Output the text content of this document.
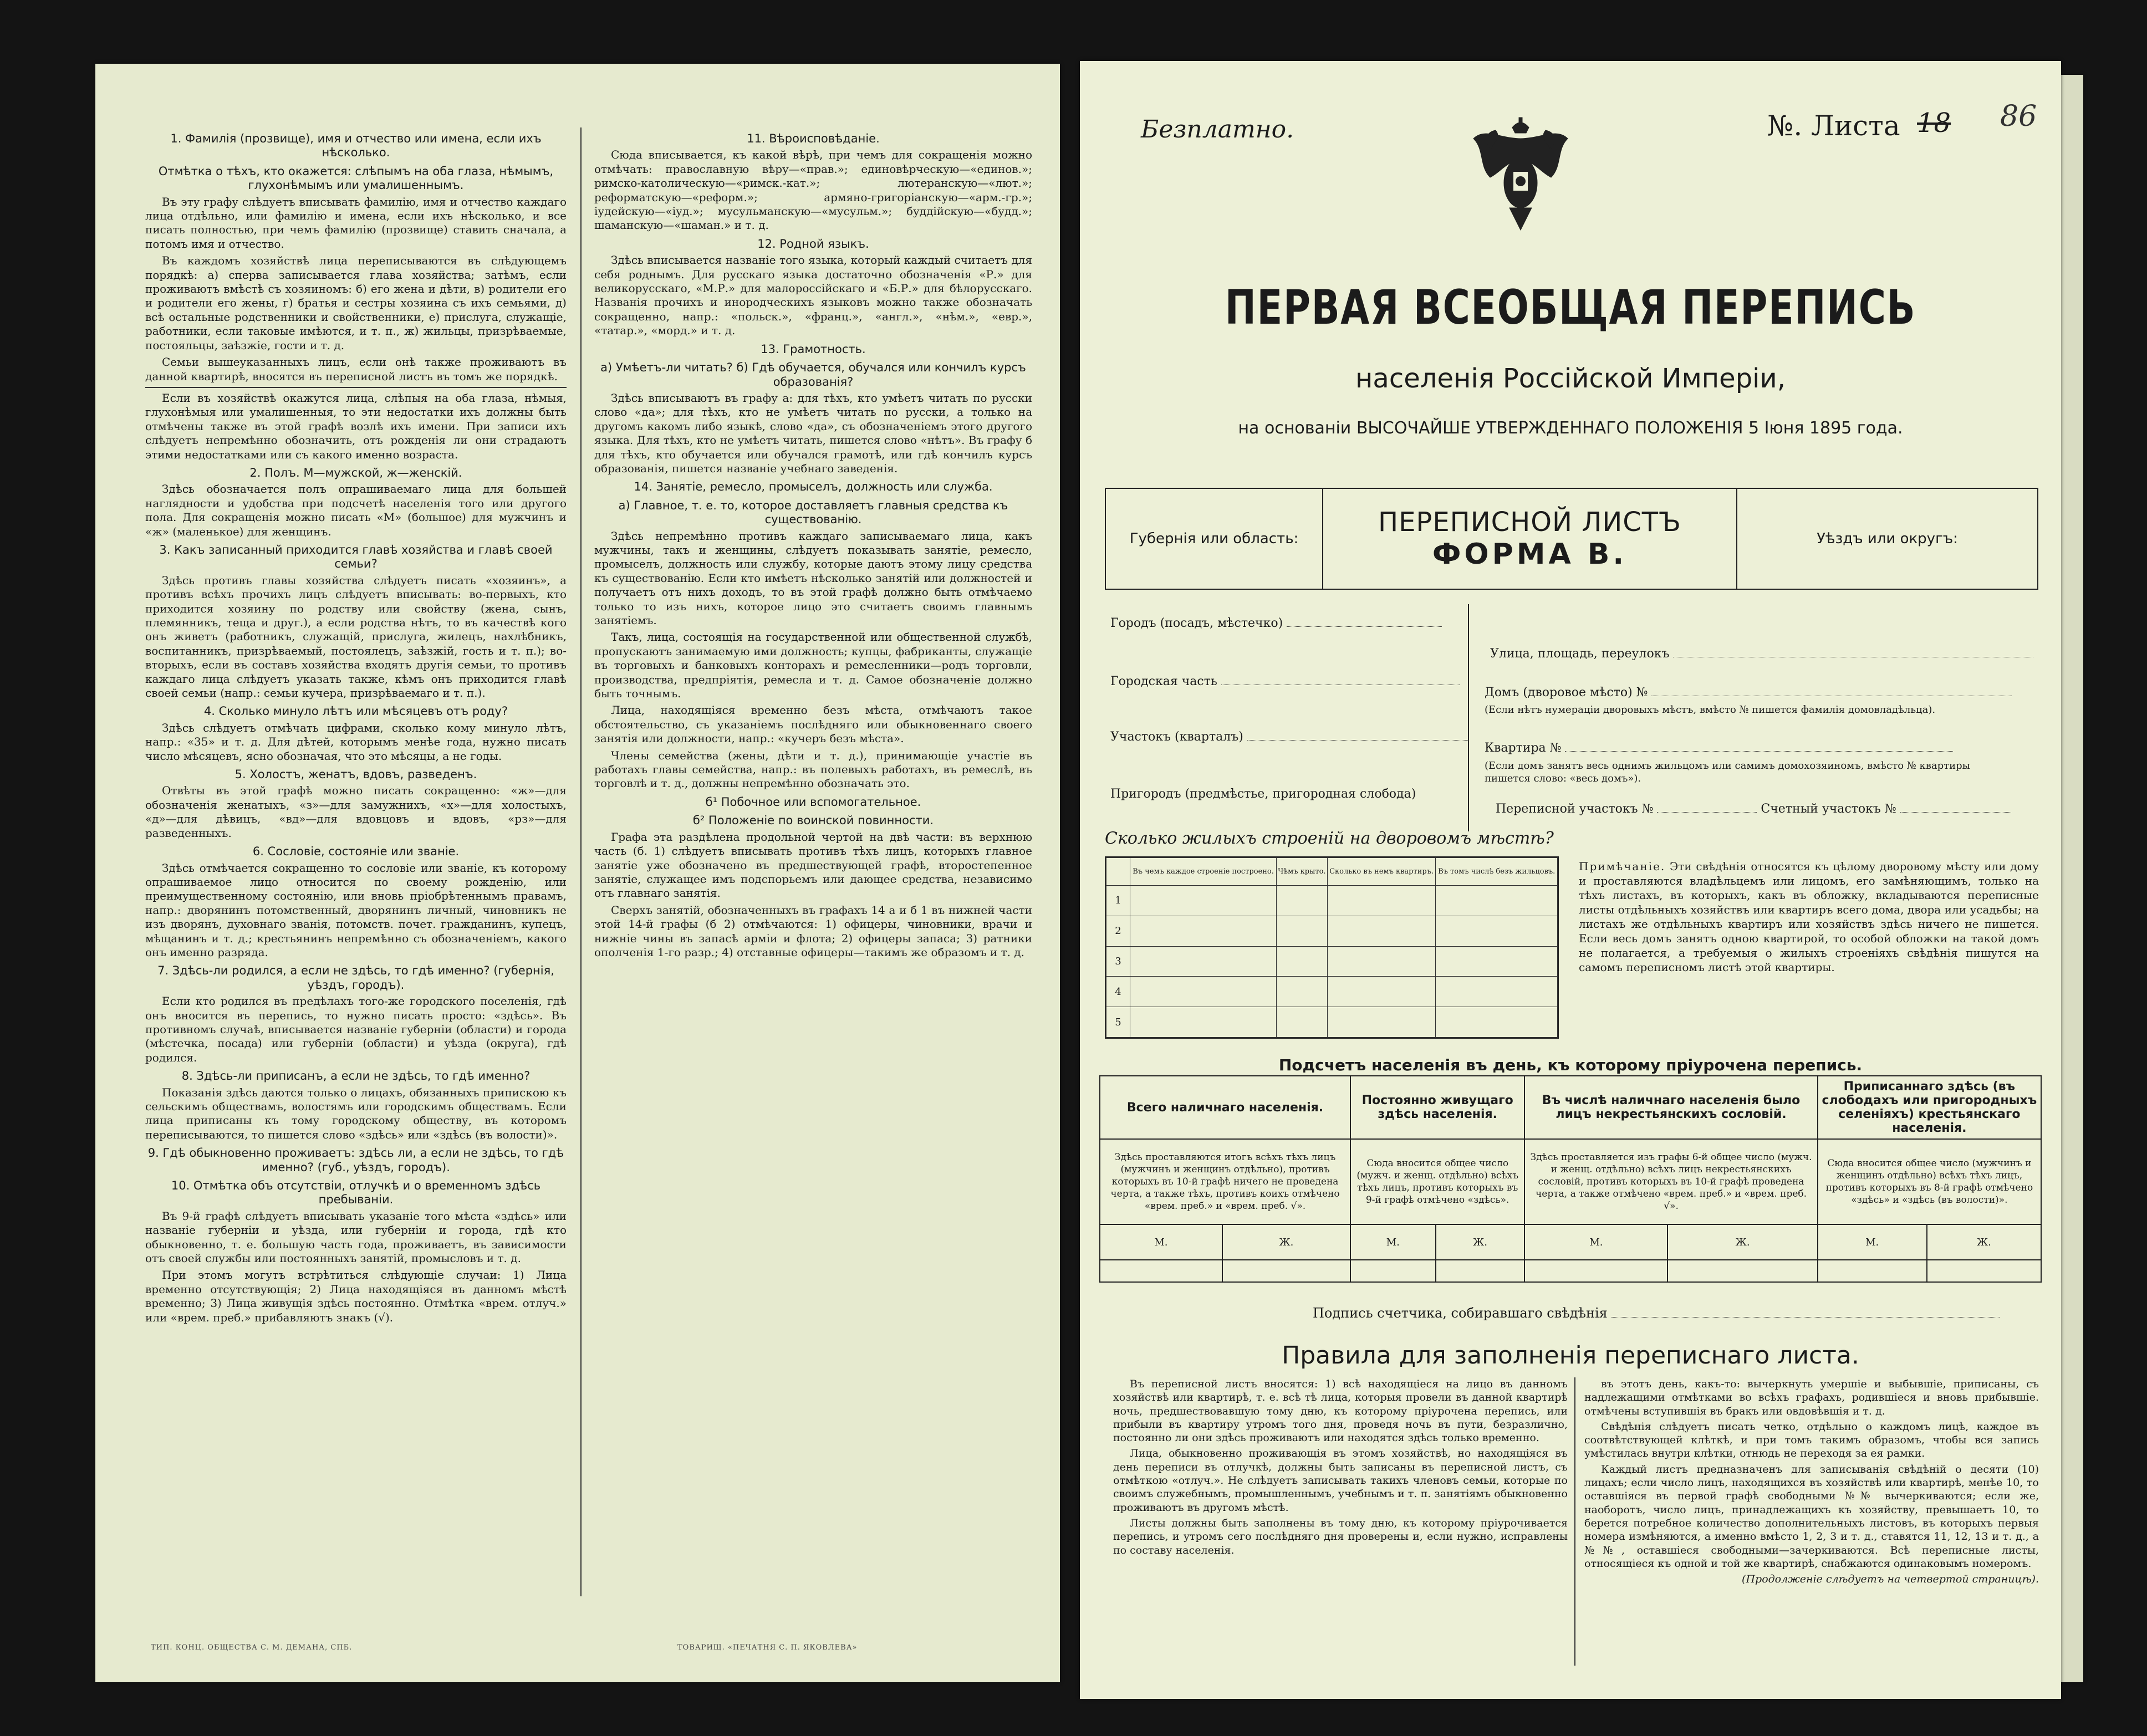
1. Фамилія (прозвище), имя и отчество или имена, если ихъ нѣсколько.
Отмѣтка о тѣхъ, кто окажется: слѣпымъ на оба глаза, нѣмымъ, глухонѣмымъ или умалишеннымъ.

Въ эту графу слѣдуетъ вписывать фамилію, имя и отчество каждаго лица отдѣльно, или фамилію и имена, если ихъ нѣсколько, и все писать полностью, при чемъ фамилію (прозвище) ставить сначала, а потомъ имя и отчество.

Въ каждомъ хозяйствѣ лица переписываются въ слѣдующемъ порядкѣ: а) сперва записывается глава хозяйства; затѣмъ, если проживаютъ вмѣстѣ съ хозяиномъ: б) его жена и дѣти, в) родители его и родители его жены, г) братья и сестры хозяина съ ихъ семьями, д) всѣ остальные родственники и свойственники, е) прислуга, служащіе, работники, если таковые имѣются, и т. п., ж) жильцы, призрѣваемые, постояльцы, заѣзжіе, гости и т. д.

Семьи вышеуказанныхъ лицъ, если онѣ также проживаютъ въ данной квартирѣ, вносятся въ переписной листъ въ томъ же порядкѣ.

Если въ хозяйствѣ окажутся лица, слѣпыя на оба глаза, нѣмыя, глухонѣмыя или умалишенныя, то эти недостатки ихъ должны быть отмѣчены также въ этой графѣ возлѣ ихъ имени. При записи ихъ слѣдуетъ непремѣнно обозначить, отъ рожденія ли они страдаютъ этими недостатками или съ какого именно возраста.

2. Полъ. М—мужской, ж—женскій.

Здѣсь обозначается полъ опрашиваемаго лица для большей наглядности и удобства при подсчетѣ населенія того или другого пола. Для сокращенія можно писать «М» (большое) для мужчинъ и «ж» (маленькое) для женщинъ.

3. Какъ записанный приходится главѣ хозяйства и главѣ своей семьи?

Здѣсь противъ главы хозяйства слѣдуетъ писать «хозяинъ», а противъ всѣхъ прочихъ лицъ слѣдуетъ вписывать: во-первыхъ, кто приходится хозяину по родству или свойству (жена, сынъ, племянникъ, теща и друг.), а если родства нѣтъ, то въ качествѣ кого онъ живетъ (работникъ, служащій, прислуга, жилецъ, нахлѣбникъ, воспитанникъ, призрѣваемый, постоялецъ, заѣзжій, гость и т. п.); во-вторыхъ, если въ составъ хозяйства входятъ другія семьи, то противъ каждаго лица слѣдуетъ указать также, кѣмъ онъ приходится главѣ своей семьи (напр.: семьи кучера, призрѣваемаго и т. п.).

4. Сколько минуло лѣтъ или мѣсяцевъ отъ роду?

Здѣсь слѣдуетъ отмѣчать цифрами, сколько кому минуло лѣтъ, напр.: «35» и т. д. Для дѣтей, которымъ менѣе года, нужно писать число мѣсяцевъ, ясно обозначая, что это мѣсяцы, а не годы.

5. Холостъ, женатъ, вдовъ, разведенъ.

Отвѣты въ этой графѣ можно писать сокращенно: «ж»—для обозначенія женатыхъ, «з»—для замужнихъ, «х»—для холостыхъ, «д»—для дѣвицъ, «вд»—для вдовцовъ и вдовъ, «рз»—для разведенныхъ.

6. Сословіе, состояніе или званіе.

Здѣсь отмѣчается сокращенно то сословіе или званіе, къ которому опрашиваемое лицо относится по своему рожденію, или преимущественному состоянію, или вновь пріобрѣтеннымъ правамъ, напр.: дворянинъ потомственный, дворянинъ личный, чиновникъ не изъ дворянъ, духовнаго званія, потомств. почет. гражданинъ, купецъ, мѣщанинъ и т. д.; крестьянинъ непремѣнно съ обозначеніемъ, какого онъ именно разряда.

7. Здѣсь-ли родился, а если не здѣсь, то гдѣ именно? (губернія, уѣздъ, городъ).

Если кто родился въ предѣлахъ того-же городского поселенія, гдѣ онъ вносится въ перепись, то нужно писать просто: «здѣсь». Въ противномъ случаѣ, вписывается названіе губерніи (области) и города (мѣстечка, посада) или губерніи (области) и уѣзда (округа), гдѣ родился.

8. Здѣсь-ли приписанъ, а если не здѣсь, то гдѣ именно?

Показанія здѣсь даются только о лицахъ, обязанныхъ припискою къ сельскимъ обществамъ, волостямъ или городскимъ обществамъ. Если лица приписаны къ тому городскому обществу, въ которомъ переписываются, то пишется слово «здѣсь» или «здѣсь (въ волости)».

9. Гдѣ обыкновенно проживаетъ: здѣсь ли, а если не здѣсь, то гдѣ именно? (губ., уѣздъ, городъ).
10. Отмѣтка объ отсутствіи, отлучкѣ и о временномъ здѣсь пребываніи.

Въ 9-й графѣ слѣдуетъ вписывать указаніе того мѣста «здѣсь» или названіе губерніи и уѣзда, или губерніи и города, гдѣ кто обыкновенно, т. е. большую часть года, проживаетъ, въ зависимости отъ своей службы или постоянныхъ занятій, промысловъ и т. д.

При этомъ могутъ встрѣтиться слѣдующіе случаи: 1) Лица временно отсутствующія; 2) Лица находящіяся въ данномъ мѣстѣ временно; 3) Лица живущія здѣсь постоянно. Отмѣтка «врем. отлуч.» или «врем. преб.» прибавляютъ знакъ (√).

11. Вѣроисповѣданіе.

Сюда вписывается, къ какой вѣрѣ, при чемъ для сокращенія можно отмѣчать: православную вѣру—«прав.»; единовѣрческую—«единов.»; римско-католическую—«римск.-кат.»; лютеранскую—«лют.»; реформатскую—«реформ.»; армяно-григоріанскую—«арм.-гр.»; іудейскую—«іуд.»; мусульманскую—«мусульм.»; буддійскую—«будд.»; шаманскую—«шаман.» и т. д.

12. Родной языкъ.

Здѣсь вписывается названіе того языка, который каждый считаетъ для себя роднымъ. Для русскаго языка достаточно обозначенія «Р.» для великорусскаго, «М.Р.» для малороссійскаго и «Б.Р.» для бѣлорусскаго. Названія прочихъ и инородческихъ языковъ можно также обозначать сокращенно, напр.: «польск.», «франц.», «англ.», «нѣм.», «евр.», «татар.», «морд.» и т. д.

13. Грамотность.
а) Умѣетъ-ли читать? б) Гдѣ обучается, обучался или кончилъ курсъ образованія?

Здѣсь вписываютъ въ графу а: для тѣхъ, кто умѣетъ читать по русски слово «да»; для тѣхъ, кто не умѣетъ читать по русски, а только на другомъ какомъ либо языкѣ, слово «да», съ обозначеніемъ этого другого языка. Для тѣхъ, кто не умѣетъ читать, пишется слово «нѣтъ». Въ графу б для тѣхъ, кто обучается или обучался грамотѣ, или гдѣ кончилъ курсъ образованія, пишется названіе учебнаго заведенія.

14. Занятіе, ремесло, промыселъ, должность или служба.
а) Главное, т. е. то, которое доставляетъ главныя средства къ существованію.

Здѣсь непремѣнно противъ каждаго записываемаго лица, какъ мужчины, такъ и женщины, слѣдуетъ показывать занятіе, ремесло, промыселъ, должность или службу, которые даютъ этому лицу средства къ существованію. Если кто имѣетъ нѣсколько занятій или должностей и получаетъ отъ нихъ доходъ, то въ этой графѣ должно быть отмѣчаемо только то изъ нихъ, которое лицо это считаетъ своимъ главнымъ занятіемъ.

Такъ, лица, состоящія на государственной или общественной службѣ, пропускаютъ занимаемую ими должность; купцы, фабриканты, служащіе въ торговыхъ и банковыхъ конторахъ и ремесленники—родъ торговли, производства, предпріятія, ремесла и т. д. Самое обозначеніе должно быть точнымъ.

Лица, находящіяся временно безъ мѣста, отмѣчаютъ такое обстоятельство, съ указаніемъ послѣдняго или обыкновеннаго своего занятія или должности, напр.: «кучеръ безъ мѣста».

Члены семейства (жены, дѣти и т. д.), принимающіе участіе въ работахъ главы семейства, напр.: въ полевыхъ работахъ, въ ремеслѣ, въ торговлѣ и т. д., должны непремѣнно обозначать это.

б¹ Побочное или вспомогательное.
б² Положеніе по воинской повинности.

Графа эта раздѣлена продольной чертой на двѣ части: въ верхнюю часть (б. 1) слѣдуетъ вписывать противъ тѣхъ лицъ, которыхъ главное занятіе уже обозначено въ предшествующей графѣ, второстепенное занятіе, служащее имъ подспорьемъ или дающее средства, независимо отъ главнаго занятія.

Сверхъ занятій, обозначенныхъ въ графахъ 14 а и б 1 въ нижней части этой 14-й графы (б 2) отмѣчаются: 1) офицеры, чиновники, врачи и нижніе чины въ запасѣ арміи и флота; 2) офицеры запаса; 3) ратники ополченія 1-го разр.; 4) отставные офицеры—такимъ же образомъ и т. д.

ТИП. КОНЦ. ОБЩЕСТВА С. М. ДЕМАНА, СПБ.	ТОВАРИЩ. «ПЕЧАТНЯ С. П. ЯКОВЛЕВА»
Безплатно.	№. Листа 18 86
ПЕРВАЯ ВСЕОБЩАЯ ПЕРЕПИСЬ
населенія Россійской Имперіи,
на основаніи ВЫСОЧАЙШЕ УТВЕРЖДЕННАГО ПОЛОЖЕНІЯ 5 Іюня 1895 года.
Губернія или область:
ПЕРЕПИСНОЙ ЛИСТЪ
ФОРМА В.	Уѣздъ или округъ:
Городъ (посадъ, мѣстечко)
Городская часть
Участокъ (кварталъ)
Пригородъ (предмѣстье, пригородная слобода)
Улица, площадь, переулокъ
Домъ (дворовое мѣсто) №
(Если нѣтъ нумерацiи дворовыхъ мѣстъ, вмѣсто № пишется фамилія домовладѣльца).
Квартира №
(Если домъ занятъ весь однимъ жильцомъ или самимъ домохозяиномъ, вмѣсто № квартиры пишется слово: «весь домъ»).
Переписной участокъ №	Счетный участокъ №
Сколько жилыхъ строеній на дворовомъ мѣстѣ?
	Въ чемъ каждое строеніе построено.	Чѣмъ крыто.	Сколько въ немъ квартиръ.	Въ томъ числѣ безъ жильцовъ.
1				
2				
3				
4				
5				
Примѣчаніе. Эти свѣдѣнія относятся къ цѣлому дворовому мѣсту или дому и проставляются владѣльцемъ или лицомъ, его замѣняющимъ, только на тѣхъ листахъ, въ которыхъ, какъ въ обложку, вкладываются переписные листы отдѣльныхъ хозяйствъ или квартиръ всего дома, двора или усадьбы; на листахъ же отдѣльныхъ квартиръ или хозяйствъ здѣсь ничего не пишется. Если весь домъ занятъ одною квартирой, то особой обложки на такой домъ не полагается, а требуемыя о жилыхъ строеніяхъ свѣдѣнія пишутся на самомъ переписномъ листѣ этой квартиры.
Подсчетъ населенія въ день, къ которому пріурочена перепись.
Всего наличнаго населенія.		Постоянно живущаго здѣсь населенія.		Въ числѣ наличнаго населенія было лицъ некрестьянскихъ сословій.		Приписаннаго здѣсь (въ слободахъ или пригородныхъ селеніяхъ) крестьянскаго населенія.	
Здѣсь проставляются итогъ всѣхъ тѣхъ лицъ (мужчинъ и женщинъ отдѣльно), противъ которыхъ въ 10-й графѣ ничего не проведена черта, а также тѣхъ, противъ коихъ отмѣчено «врем. преб.» и «врем. преб. √».		Сюда вносится общее число (мужч. и женщ. отдѣльно) всѣхъ тѣхъ лицъ, противъ которыхъ въ 9-й графѣ отмѣчено «здѣсь».		Здѣсь проставляется изъ графы 6-й общее число (мужч. и женщ. отдѣльно) всѣхъ лицъ некрестьянскихъ сословій, противъ которыхъ въ 10-й графѣ проведена черта, а также отмѣчено «врем. преб.» и «врем. преб. √».		Сюда вносится общее число (мужчинъ и женщинъ отдѣльно) всѣхъ тѣхъ лицъ, противъ которыхъ въ 8-й графѣ отмѣчено «здѣсь» и «здѣсь (въ волости)».	
М.	Ж.	М.	Ж.	М.	Ж.	М.	Ж.

Подпись счетчика, собиравшаго свѣдѣнія
Правила для заполненія переписнаго листа.

Въ переписной листъ вносятся: 1) всѣ находящіеся на лицо въ данномъ хозяйствѣ или квартирѣ, т. е. всѣ тѣ лица, которыя провели въ данной квартирѣ ночь, предшествовавшую тому дню, къ которому пріурочена перепись, или прибыли въ квартиру утромъ того дня, проведя ночь въ пути, безразлично, постоянно ли они здѣсь проживаютъ или находятся здѣсь только временно.

Лица, обыкновенно проживающія въ этомъ хозяйствѣ, но находящіяся въ день переписи въ отлучкѣ, должны быть записаны въ переписной листъ, съ отмѣткою «отлуч.». Не слѣдуетъ записывать такихъ членовъ семьи, которые по своимъ служебнымъ, промышленнымъ, учебнымъ и т. п. занятіямъ обыкновенно проживаютъ въ другомъ мѣстѣ.

Листы должны быть заполнены въ тому дню, къ которому пріурочивается перепись, и утромъ сего послѣдняго дня проверены и, если нужно, исправлены по составу населенія.

въ этотъ день, какъ-то: вычеркнуть умершіе и выбывшіе, приписаны, съ надлежащими отмѣтками во всѣхъ графахъ, родившіеся и вновь прибывшіе. отмѣчены вступившія въ бракъ или овдовѣвшія и т. д.

Свѣдѣнія слѣдуетъ писать четко, отдѣльно о каждомъ лицѣ, каждое въ соотвѣтствующей клѣткѣ, и при томъ такимъ образомъ, чтобы вся запись умѣстилась внутри клѣтки, отнюдь не переходя за ея рамки.

Каждый листъ предназначенъ для записыванія свѣдѣній о десяти (10) лицахъ; если число лицъ, находящихся въ хозяйствѣ или квартирѣ, менѣе 10, то оставшіяся въ первой графѣ свободными №№ вычеркиваются; если же, наоборотъ, число лицъ, принадлежащихъ къ хозяйству, превышаетъ 10, то берется потребное количество дополнительныхъ листовъ, въ которыхъ первыя номера измѣняются, а именно вмѣсто 1, 2, 3 и т. д., ставятся 11, 12, 13 и т. д., а №№, оставшіеся свободными—зачеркиваются. Всѣ переписные листы, относящіеся къ одной и той же квартирѣ, снабжаются одинаковымъ номеромъ.

(Продолженіе слѣдуетъ на четвертой страницѣ).
